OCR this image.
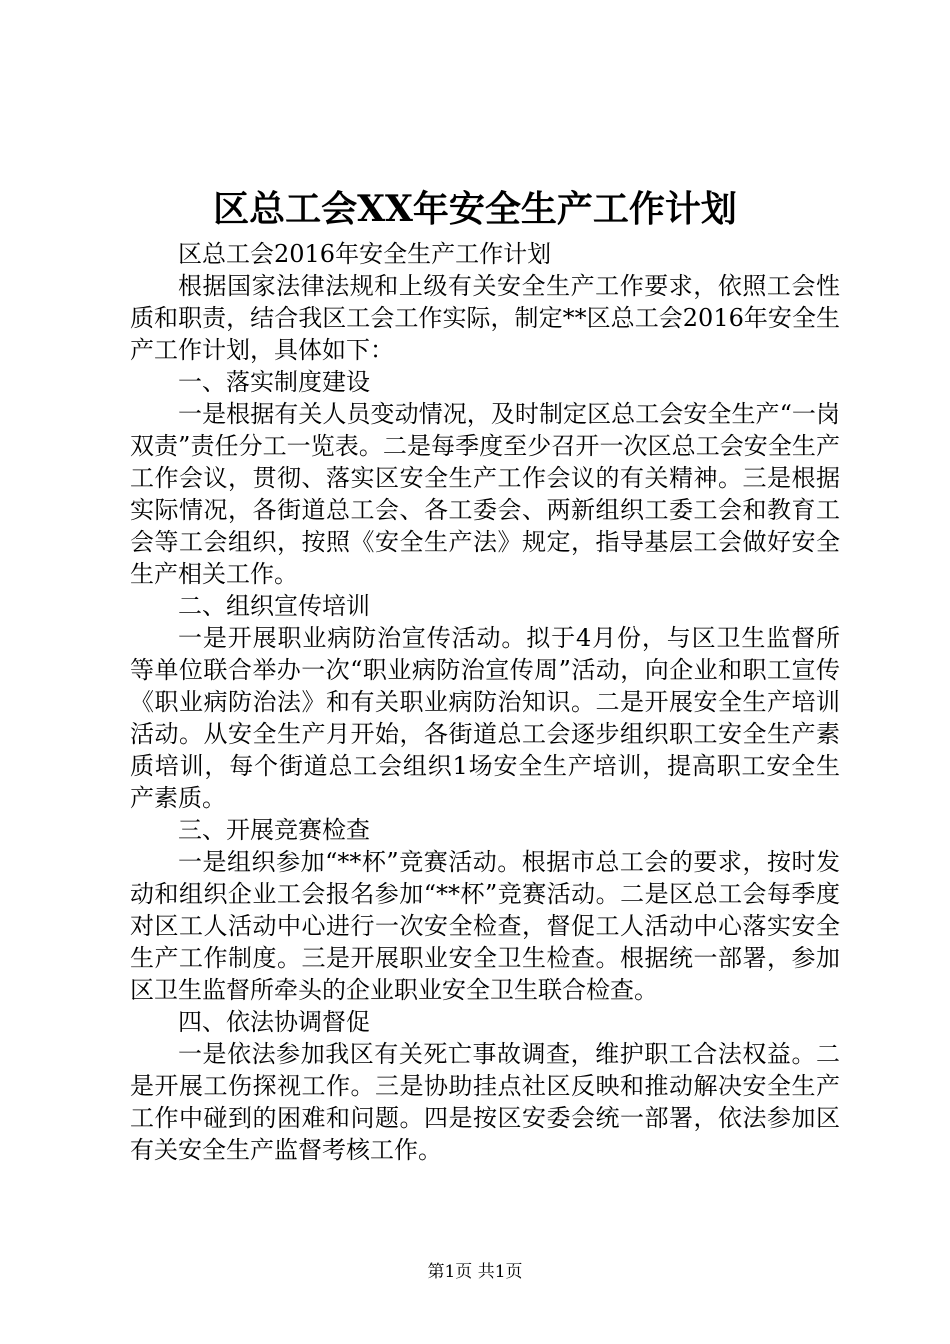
区总工会XX年安全生产工作计划

区总工会2016年安全生产工作计划

根据国家法律法规和上级有关安全生产工作要求，依照工会性质和职责，结合我区工会工作实际，制定**区总工会2016年安全生产工作计划，具体如下：

一、落实制度建设

一是根据有关人员变动情况，及时制定区总工会安全生产“一岗双责”责任分工一览表。二是每季度至少召开一次区总工会安全生产工作会议，贯彻、落实区安全生产工作会议的有关精神。三是根据实际情况，各街道总工会、各工委会、两新组织工委工会和教育工会等工会组织，按照《安全生产法》规定，指导基层工会做好安全生产相关工作。

二、组织宣传培训

一是开展职业病防治宣传活动。拟于4月份，与区卫生监督所等单位联合举办一次“职业病防治宣传周”活动，向企业和职工宣传《职业病防治法》和有关职业病防治知识。二是开展安全生产培训活动。从安全生产月开始，各街道总工会逐步组织职工安全生产素质培训，每个街道总工会组织1场安全生产培训，提高职工安全生产素质。

三、开展竞赛检查

一是组织参加“**杯”竞赛活动。根据市总工会的要求，按时发动和组织企业工会报名参加“**杯”竞赛活动。二是区总工会每季度对区工人活动中心进行一次安全检查，督促工人活动中心落实安全生产工作制度。三是开展职业安全卫生检查。根据统一部署，参加区卫生监督所牵头的企业职业安全卫生联合检查。

四、依法协调督促

一是依法参加我区有关死亡事故调查，维护职工合法权益。二是开展工伤探视工作。三是协助挂点社区反映和推动解决安全生产工作中碰到的困难和问题。四是按区安委会统一部署，依法参加区有关安全生产监督考核工作。

第1页 共1页
